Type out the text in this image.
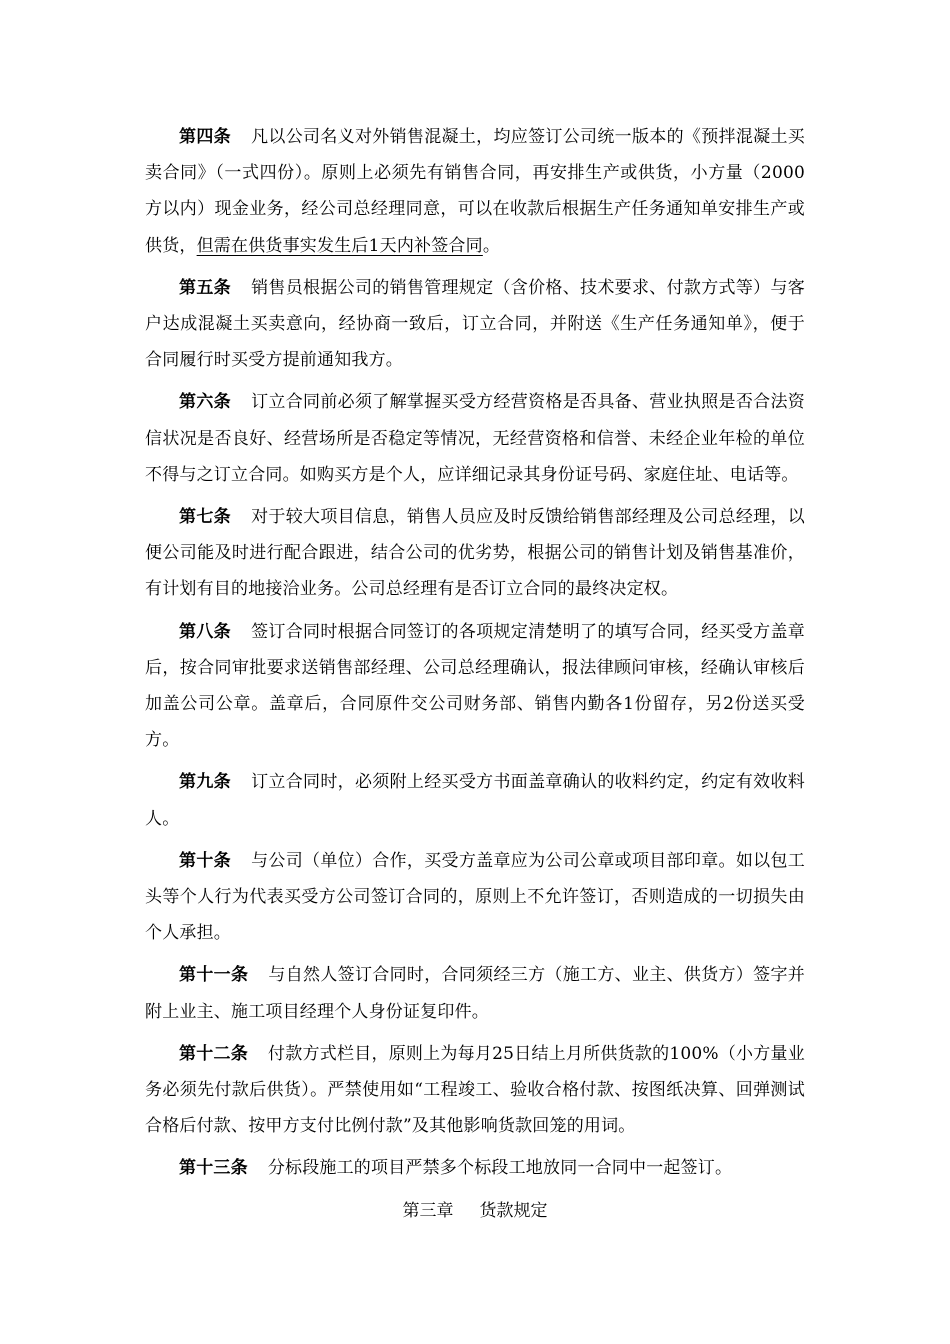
第四条 凡以公司名义对外销售混凝土，均应签订公司统一版本的《预拌混凝土买卖合同》（一式四份）。原则上必须先有销售合同，再安排生产或供货，小方量（2000方以内）现金业务，经公司总经理同意，可以在收款后根据生产任务通知单安排生产或供货，但需在供货事实发生后1天内补签合同。

第五条 销售员根据公司的销售管理规定（含价格、技术要求、付款方式等）与客户达成混凝土买卖意向，经协商一致后，订立合同，并附送《生产任务通知单》，便于合同履行时买受方提前通知我方。

第六条 订立合同前必须了解掌握买受方经营资格是否具备、营业执照是否合法资信状况是否良好、经营场所是否稳定等情况，无经营资格和信誉、未经企业年检的单位不得与之订立合同。如购买方是个人，应详细记录其身份证号码、家庭住址、电话等。

第七条 对于较大项目信息，销售人员应及时反馈给销售部经理及公司总经理，以便公司能及时进行配合跟进，结合公司的优劣势，根据公司的销售计划及销售基准价，有计划有目的地接洽业务。公司总经理有是否订立合同的最终决定权。

第八条 签订合同时根据合同签订的各项规定清楚明了的填写合同，经买受方盖章后，按合同审批要求送销售部经理、公司总经理确认，报法律顾问审核，经确认审核后加盖公司公章。盖章后，合同原件交公司财务部、销售内勤各1份留存，另2份送买受方。

第九条 订立合同时，必须附上经买受方书面盖章确认的收料约定，约定有效收料人。

第十条 与公司（单位）合作，买受方盖章应为公司公章或项目部印章。如以包工头等个人行为代表买受方公司签订合同的，原则上不允许签订，否则造成的一切损失由个人承担。

第十一条 与自然人签订合同时，合同须经三方（施工方、业主、供货方）签字并附上业主、施工项目经理个人身份证复印件。

第十二条 付款方式栏目，原则上为每月25日结上月所供货款的100%（小方量业务必须先付款后供货）。严禁使用如“工程竣工、验收合格付款、按图纸决算、回弹测试合格后付款、按甲方支付比例付款”及其他影响货款回笼的用词。

第十三条 分标段施工的项目严禁多个标段工地放同一合同中一起签订。

第三章 货款规定
